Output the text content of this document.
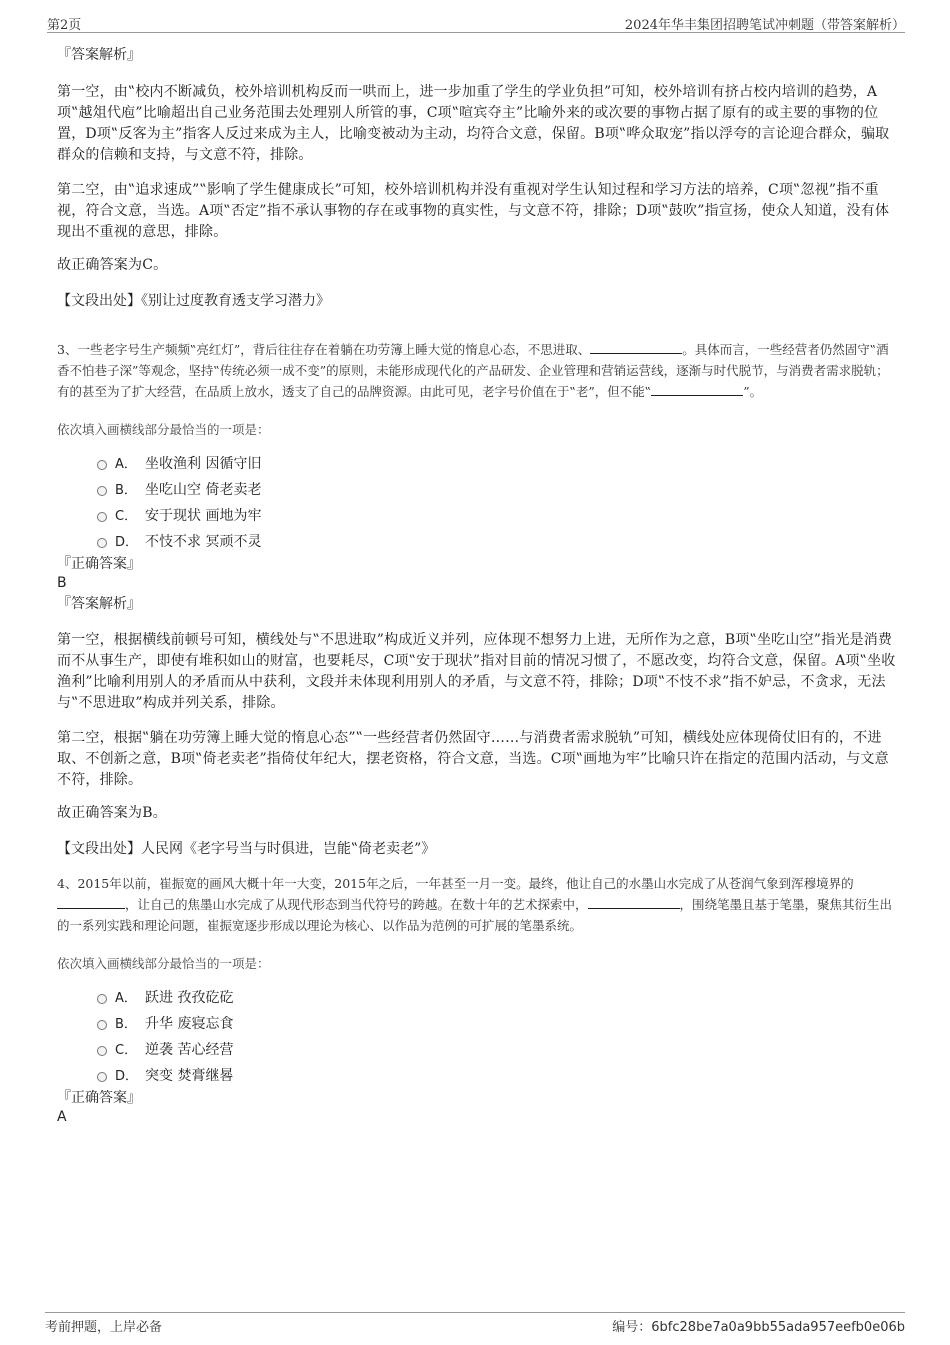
第2页	2024年华丰集团招聘笔试冲刺题（带答案解析）

『答案解析』

第一空，由‟校内不断减负，校外培训机构反而一哄而上，进一步加重了学生的学业负担”可知，校外培训有挤占校内培训的趋势，A项‟越俎代庖”比喻超出自己业务范围去处理别人所管的事，C项‟喧宾夺主”比喻外来的或次要的事物占据了原有的或主要的事物的位置，D项‟反客为主”指客人反过来成为主人，比喻变被动为主动，均符合文意，保留。B项‟哗众取宠”指以浮夸的言论迎合群众，骗取群众的信赖和支持，与文意不符，排除。

第二空，由‟追求速成”‟影响了学生健康成长”可知，校外培训机构并没有重视对学生认知过程和学习方法的培养，C项‟忽视”指不重视，符合文意，当选。A项‟否定”指不承认事物的存在或事物的真实性，与文意不符，排除；D项‟鼓吹”指宣扬，使众人知道，没有体现出不重视的意思，排除。

故正确答案为C。

【文段出处】《别让过度教育透支学习潜力》

3、一些老字号生产频频‟亮红灯”，背后往往存在着躺在功劳簿上睡大觉的惰息心态，不思进取、	。具体而言，一些经营者仍然固守‟酒香不怕巷子深”等观念，坚持‟传统必须一成不变”的原则，未能形成现代化的产品研发、企业管理和营销运营线，逐渐与时代脱节，与消费者需求脱轨；有的甚至为了扩大经营，在品质上放水，透支了自己的品牌资源。由此可见，老字号价值在于‟老”，但不能‟	”。

依次填入画横线部分最恰当的一项是：

A． 坐收渔利 因循守旧
B． 坐吃山空 倚老卖老
C． 安于现状 画地为牢
D． 不忮不求 冥顽不灵

『正确答案』

B

『答案解析』

第一空，根据横线前顿号可知，横线处与‟不思进取”构成近义并列，应体现不想努力上进，无所作为之意，B项‟坐吃山空”指光是消费而不从事生产，即使有堆积如山的财富，也要耗尽，C项‟安于现状”指对目前的情况习惯了，不愿改变，均符合文意，保留。A项‟坐收渔利”比喻利用别人的矛盾而从中获利，文段并未体现利用别人的矛盾，与文意不符，排除；D项‟不忮不求”指不妒忌，不贪求，无法与‟不思进取”构成并列关系，排除。

第二空，根据‟躺在功劳簿上睡大觉的惰息心态”‟一些经营者仍然固守……与消费者需求脱轨”可知，横线处应体现倚仗旧有的，不进取、不创新之意，B项‟倚老卖老”指倚仗年纪大，摆老资格，符合文意，当选。C项‟画地为牢”比喻只许在指定的范围内活动，与文意不符，排除。

故正确答案为B。

【文段出处】人民网《老字号当与时俱进，岂能‟倚老卖老”》

4、2015年以前，崔振宽的画风大概十年一大变，2015年之后，一年甚至一月一变。最终，他让自己的水墨山水完成了从苍润气象到浑穆境界的，让自己的焦墨山水完成了从现代形态到当代符号的跨越。在数十年的艺术探索中，	，围绕笔墨且基于笔墨，聚焦其衍生出的一系列实践和理论问题，崔振宽逐步形成以理论为核心、以作品为范例的可扩展的笔墨系统。

依次填入画横线部分最恰当的一项是：

A． 跃进 孜孜矻矻
B． 升华 废寝忘食
C． 逆袭 苦心经营
D． 突变 焚膏继晷

『正确答案』

A

考前押题，上岸必备	编号：6bfc28be7a0a9bb55ada957eefb0e06b
